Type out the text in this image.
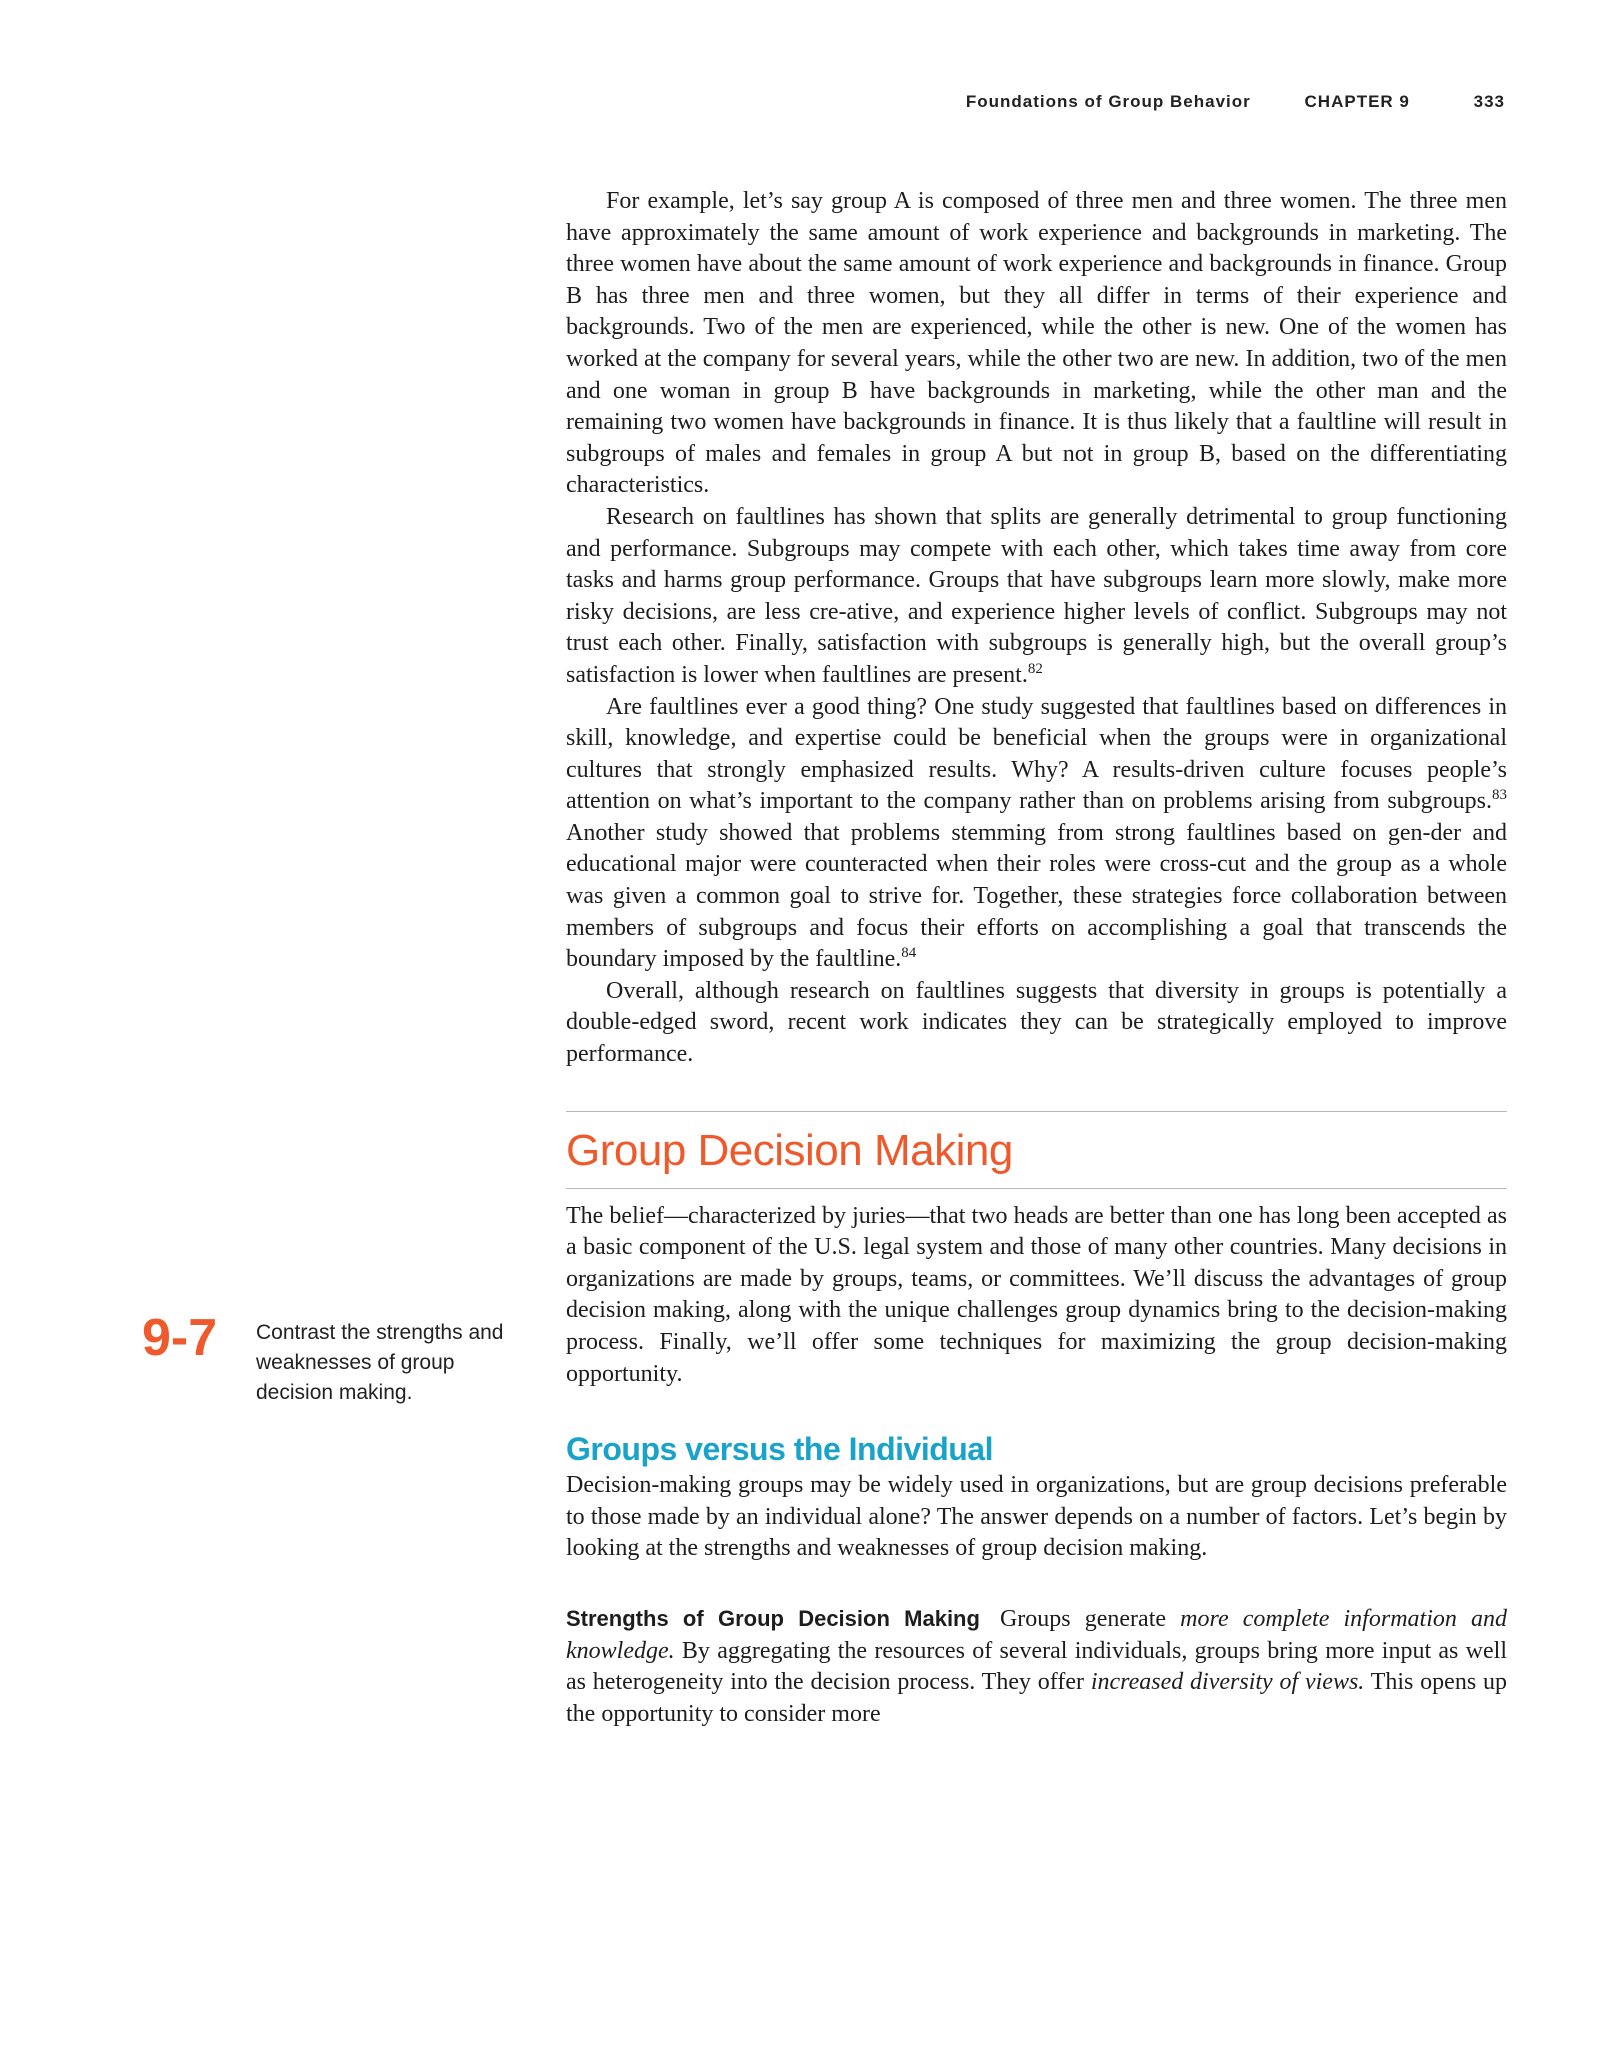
Foundations of Group Behavior	CHAPTER 9	333

For example, let’s say group A is composed of three men and three women. The three men have approximately the same amount of work experience and backgrounds in marketing. The three women have about the same amount of work experience and backgrounds in finance. Group B has three men and three women, but they all differ in terms of their experience and backgrounds. Two of the men are experienced, while the other is new. One of the women has worked at the company for several years, while the other two are new. In addition, two of the men and one woman in group B have backgrounds in marketing, while the other man and the remaining two women have backgrounds in finance. It is thus likely that a faultline will result in subgroups of males and females in group A but not in group B, based on the differentiating characteristics.

Research on faultlines has shown that splits are generally detrimental to group functioning and performance. Subgroups may compete with each other, which takes time away from core tasks and harms group performance. Groups that have subgroups learn more slowly, make more risky decisions, are less cre-ative, and experience higher levels of conflict. Subgroups may not trust each other. Finally, satisfaction with subgroups is generally high, but the overall group’s satisfaction is lower when faultlines are present.$^{82}$

Are faultlines ever a good thing? One study suggested that faultlines based on differences in skill, knowledge, and expertise could be beneficial when the groups were in organizational cultures that strongly emphasized results. Why? A results-driven culture focuses people’s attention on what’s important to the company rather than on problems arising from subgroups.$^{83}$ Another study showed that problems stemming from strong faultlines based on gen-der and educational major were counteracted when their roles were cross-cut and the group as a whole was given a common goal to strive for. Together, these strategies force collaboration between members of subgroups and focus their efforts on accomplishing a goal that transcends the boundary imposed by the faultline.$^{84}$

Overall, although research on faultlines suggests that diversity in groups is potentially a double-edged sword, recent work indicates they can be strategically employed to improve performance.

Group Decision Making

The belief—characterized by juries—that two heads are better than one has long been accepted as a basic component of the U.S. legal system and those of many other countries. Many decisions in organizations are made by groups, teams, or committees. We’ll discuss the advantages of group decision making, along with the unique challenges group dynamics bring to the decision-making process. Finally, we’ll offer some techniques for maximizing the group decision-making opportunity.

Groups versus the Individual

Decision-making groups may be widely used in organizations, but are group decisions preferable to those made by an individual alone? The answer depends on a number of factors. Let’s begin by looking at the strengths and weaknesses of group decision making.

Strengths of Group Decision Making Groups generate more complete information and knowledge. By aggregating the resources of several individuals, groups bring more input as well as heterogeneity into the decision process. They offer increased diversity of views. This opens up the opportunity to consider more

9-7 Contrast the strengths and weaknesses of group decision making.
